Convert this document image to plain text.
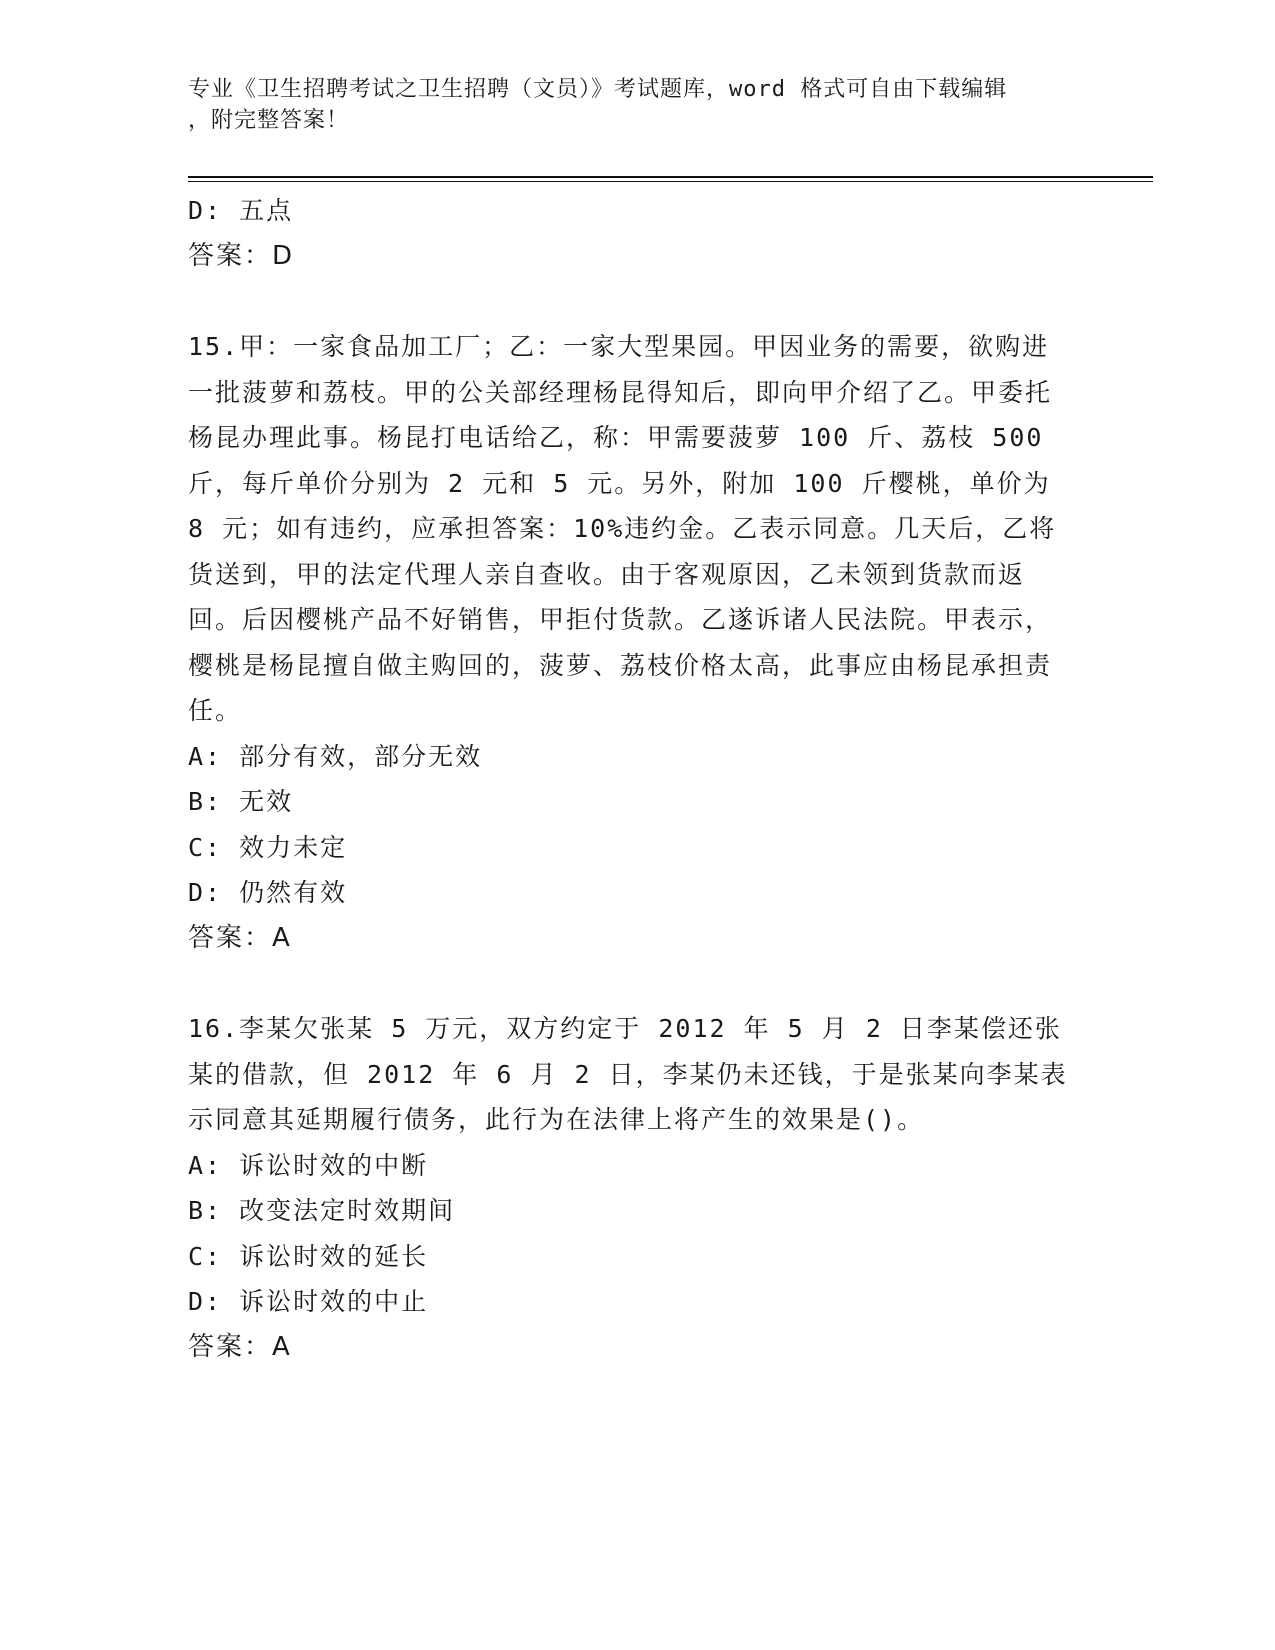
专业《卫生招聘考试之卫生招聘（文员）》考试题库，word 格式可自由下载编辑
，附完整答案！
D: 五点
答案：D
15.甲：一家食品加工厂；乙：一家大型果园。甲因业务的需要，欲购进一批菠萝和荔枝。甲的公关部经理杨昆得知后，即向甲介绍了乙。甲委托杨昆办理此事。杨昆打电话给乙，称：甲需要菠萝 100 斤、荔枝 500 斤，每斤单价分别为 2 元和 5 元。另外，附加 100 斤樱桃，单价为 8 元；如有违约，应承担答案：10%违约金。乙表示同意。几天后，乙将货送到，甲的法定代理人亲自查收。由于客观原因，乙未领到货款而返回。后因樱桃产品不好销售，甲拒付货款。乙遂诉诸人民法院。甲表示，樱桃是杨昆擅自做主购回的，菠萝、荔枝价格太高，此事应由杨昆承担责任。
A: 部分有效，部分无效
B: 无效
C: 效力未定
D: 仍然有效
答案：A
16.李某欠张某 5 万元，双方约定于 2012 年 5 月 2 日李某偿还张某的借款，但 2012 年 6 月 2 日，李某仍未还钱，于是张某向李某表示同意其延期履行债务，此行为在法律上将产生的效果是()。
A: 诉讼时效的中断
B: 改变法定时效期间
C: 诉讼时效的延长
D: 诉讼时效的中止
答案：A
